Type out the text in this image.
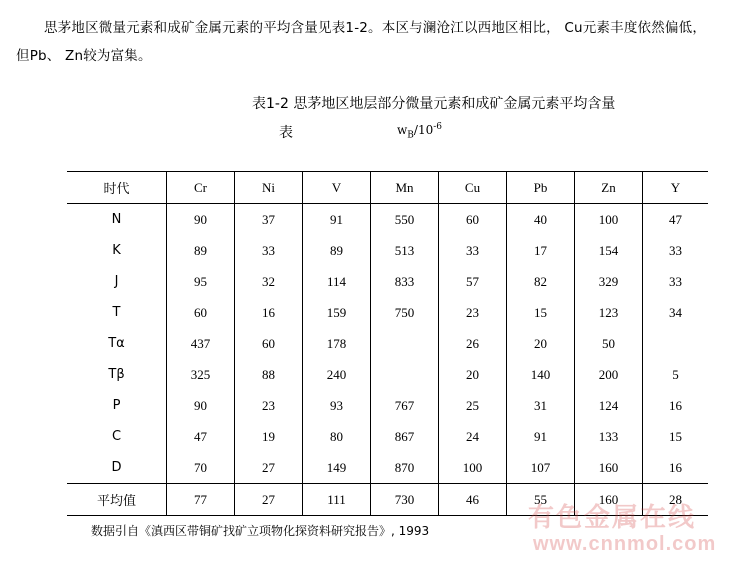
思茅地区微量元素和成矿金属元素的平均含量见表1-2。本区与澜沧江以西地区相比， Cu元素丰度依然偏低， 但Pb、 Zn较为富集。
表1-2 思茅地区地层部分微量元素和成矿金属元素平均含量
表	$w_B/10^{-6}$
时代	Cr	Ni	V	Mn	Cu	Pb	Zn	Y
N	90	37	91	550	60	40	100	47
K	89	33	89	513	33	17	154	33
J	95	32	114	833	57	82	329	33
T	60	16	159	750	23	15	123	34
Tα	437	60	178		26	20	50	
Tβ	325	88	240		20	140	200	5
P	90	23	93	767	25	31	124	16
C	47	19	80	867	24	91	133	15
D	70	27	149	870	100	107	160	16
平均值	77	27	111	730	46	55	160	28
数据引自《滇西区带铜矿找矿立项物化探资料研究报告》, 1993	有色金属在线
www.cnnmol.com
